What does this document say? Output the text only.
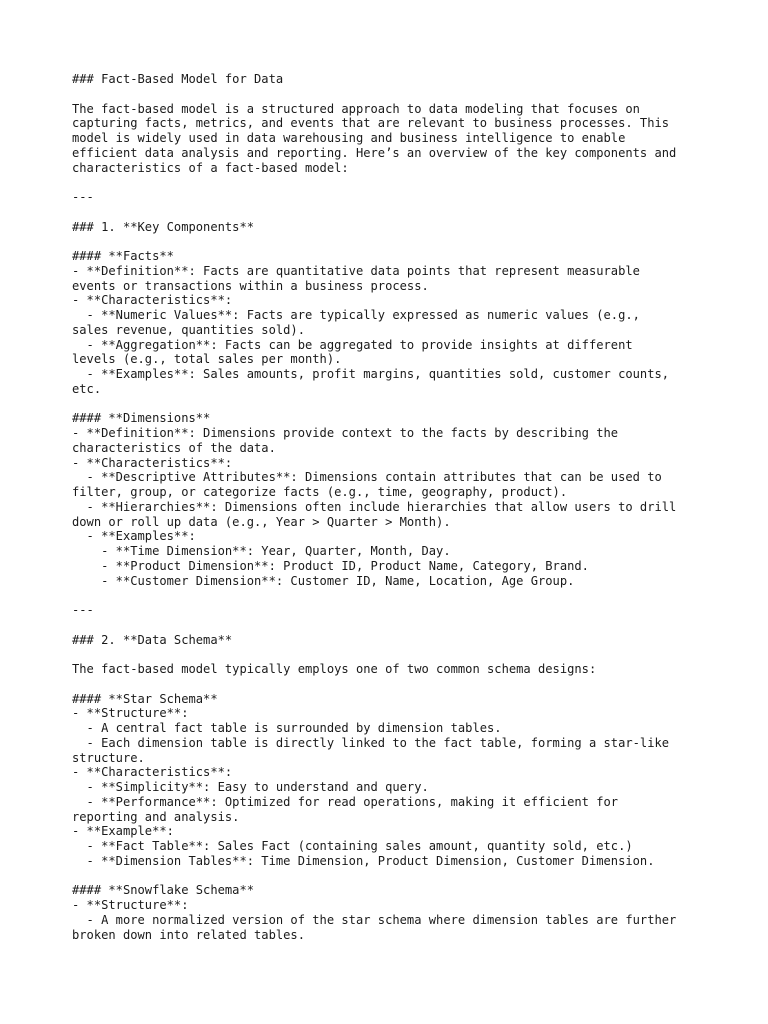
### Fact-Based Model for Data
The fact-based model is a structured approach to data modeling that focuses on
capturing facts, metrics, and events that are relevant to business processes. This
model is widely used in data warehousing and business intelligence to enable
efficient data analysis and reporting. Here’s an overview of the key components and
characteristics of a fact-based model:
---
### 1. **Key Components**
#### **Facts**
- **Definition**: Facts are quantitative data points that represent measurable
events or transactions within a business process.
- **Characteristics**:
- **Numeric Values**: Facts are typically expressed as numeric values (e.g.,
sales revenue, quantities sold).
- **Aggregation**: Facts can be aggregated to provide insights at different
levels (e.g., total sales per month).
- **Examples**: Sales amounts, profit margins, quantities sold, customer counts,
etc.
#### **Dimensions**
- **Definition**: Dimensions provide context to the facts by describing the
characteristics of the data.
- **Characteristics**:
- **Descriptive Attributes**: Dimensions contain attributes that can be used to
filter, group, or categorize facts (e.g., time, geography, product).
- **Hierarchies**: Dimensions often include hierarchies that allow users to drill
down or roll up data (e.g., Year > Quarter > Month).
- **Examples**:
- **Time Dimension**: Year, Quarter, Month, Day.
- **Product Dimension**: Product ID, Product Name, Category, Brand.
- **Customer Dimension**: Customer ID, Name, Location, Age Group.
---
### 2. **Data Schema**
The fact-based model typically employs one of two common schema designs:
#### **Star Schema**
- **Structure**:
- A central fact table is surrounded by dimension tables.
- Each dimension table is directly linked to the fact table, forming a star-like
structure.
- **Characteristics**:
- **Simplicity**: Easy to understand and query.
- **Performance**: Optimized for read operations, making it efficient for
reporting and analysis.
- **Example**:
- **Fact Table**: Sales Fact (containing sales amount, quantity sold, etc.)
- **Dimension Tables**: Time Dimension, Product Dimension, Customer Dimension.
#### **Snowflake Schema**
- **Structure**:
- A more normalized version of the star schema where dimension tables are further
broken down into related tables.
